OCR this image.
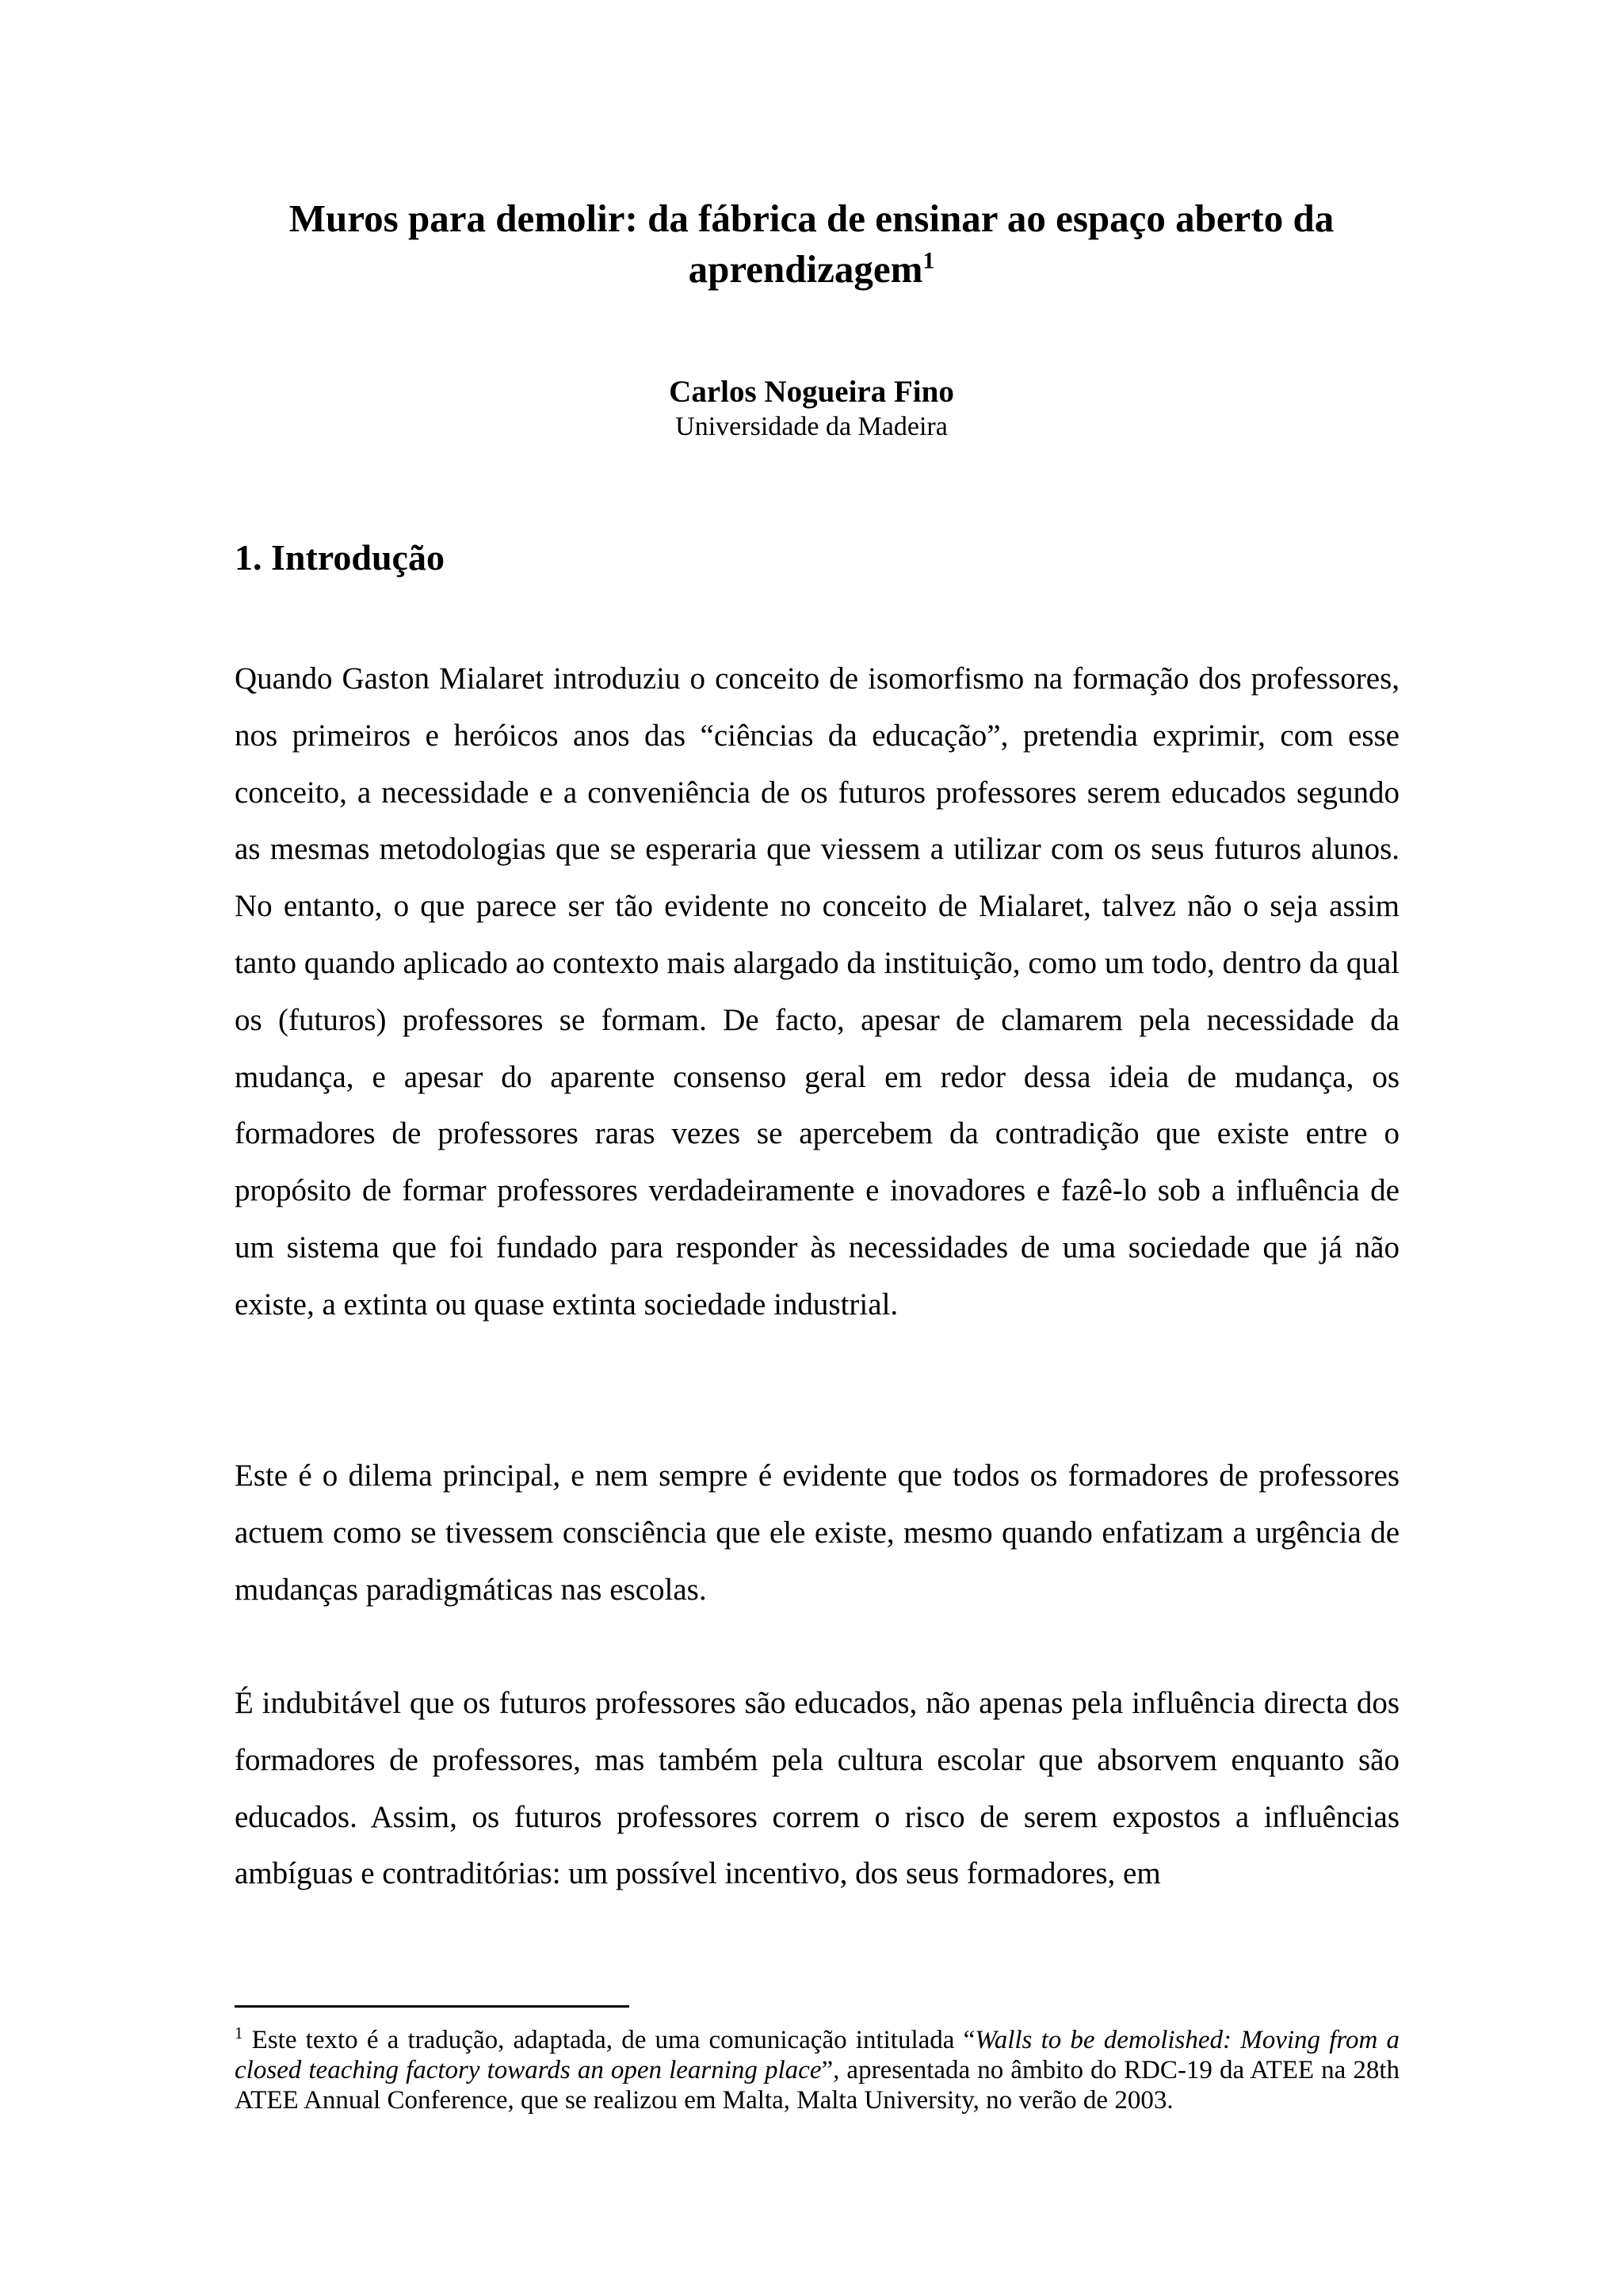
Muros para demolir: da fábrica de ensinar ao espaço aberto da aprendizagem$^1$
Carlos Nogueira Fino
Universidade da Madeira
1. Introdução

Quando Gaston Mialaret introduziu o conceito de isomorfismo na formação dos professores, nos primeiros e heróicos anos das “ciências da educação”, pretendia exprimir, com esse conceito, a necessidade e a conveniência de os futuros professores serem educados segundo as mesmas metodologias que se esperaria que viessem a utilizar com os seus futuros alunos. No entanto, o que parece ser tão evidente no conceito de Mialaret, talvez não o seja assim tanto quando aplicado ao contexto mais alargado da instituição, como um todo, dentro da qual os (futuros) professores se formam. De facto, apesar de clamarem pela necessidade da mudança, e apesar do aparente consenso geral em redor dessa ideia de mudança, os formadores de professores raras vezes se apercebem da contradição que existe entre o propósito de formar professores verdadeiramente e inovadores e fazê-lo sob a influência de um sistema que foi fundado para responder às necessidades de uma sociedade que já não existe, a extinta ou quase extinta sociedade industrial.

Este é o dilema principal, e nem sempre é evidente que todos os formadores de professores actuem como se tivessem consciência que ele existe, mesmo quando enfatizam a urgência de mudanças paradigmáticas nas escolas.

É indubitável que os futuros professores são educados, não apenas pela influência directa dos formadores de professores, mas também pela cultura escolar que absorvem enquanto são educados. Assim, os futuros professores correm o risco de serem expostos a influências ambíguas e contraditórias: um possível incentivo, dos seus formadores, em

$^1$ Este texto é a tradução, adaptada, de uma comunicação intitulada “Walls to be demolished: Moving from a closed teaching factory towards an open learning place”, apresentada no âmbito do RDC-19 da ATEE na 28th ATEE Annual Conference, que se realizou em Malta, Malta University, no verão de 2003.
